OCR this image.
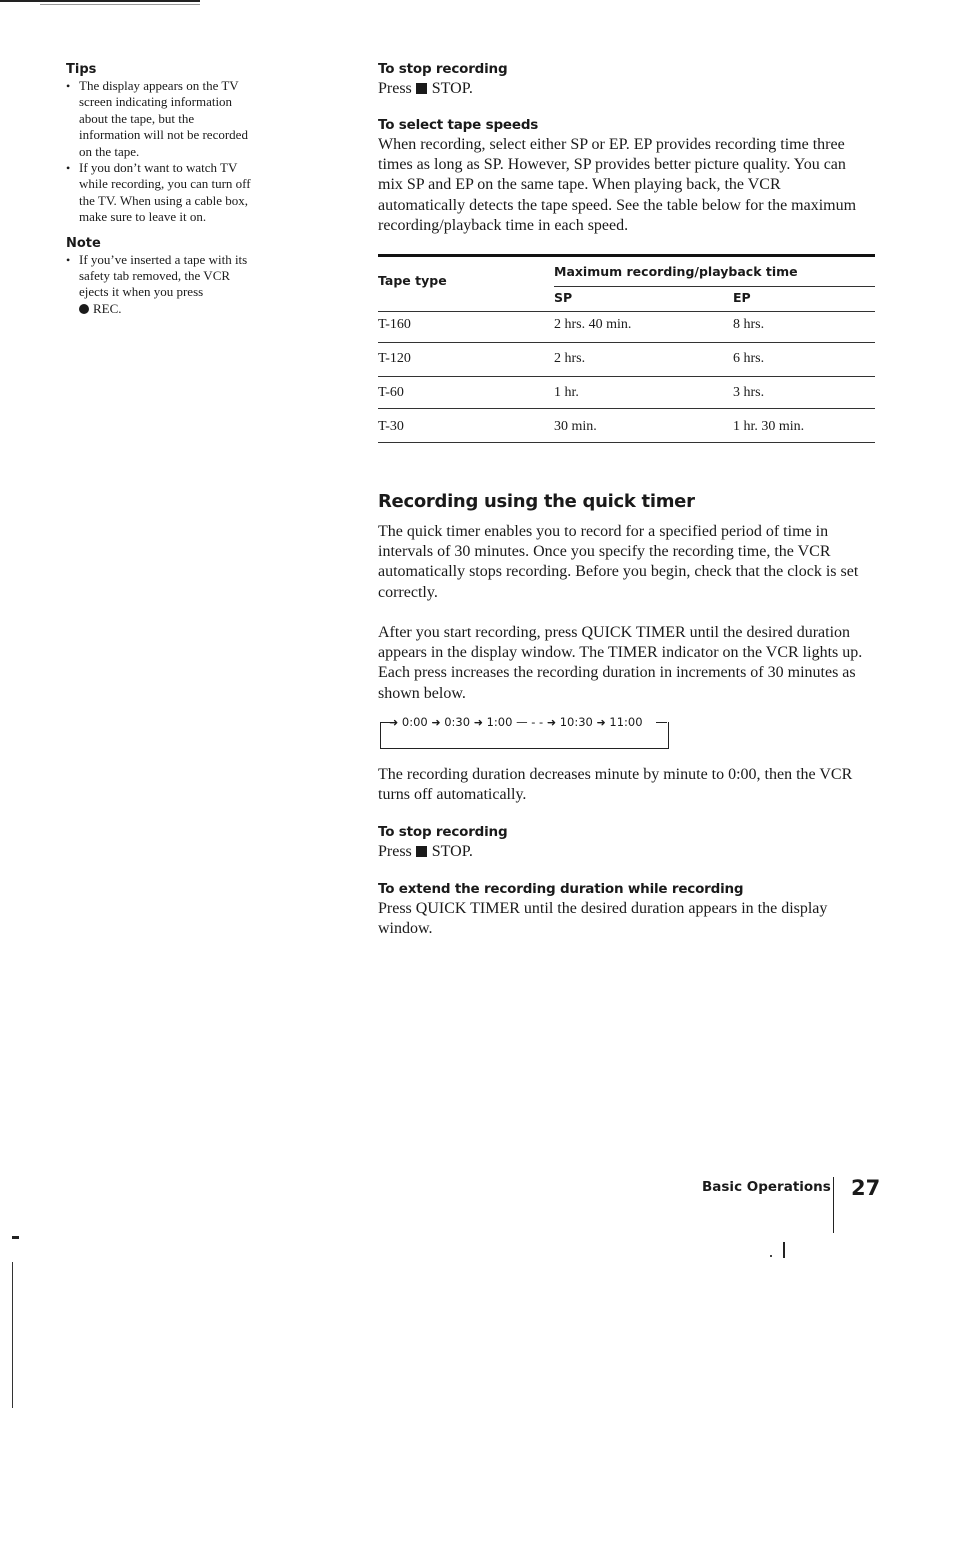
Tips
• The display appears on the TV screen indicating information about the tape, but the information will not be recorded on the tape.
• If you don’t want to watch TV while recording, you can turn off the TV. When using a cable box, make sure to leave it on.
Note
• If you’ve inserted a tape with its safety tab removed, the VCR ejects it when you press
REC.
To stop recording
Press STOP.
To select tape speeds
When recording, select either SP or EP. EP provides recording time three times as long as SP. However, SP provides better picture quality. You can mix SP and EP on the same tape. When playing back, the VCR automatically detects the tape speed. See the table below for the maximum recording/playback time in each speed.
Tape type
Maximum recording/playback time
SP	EP
T-160	2 hrs. 40 min.	8 hrs.
T-120	2 hrs.	6 hrs.
T-60	1 hr.	3 hrs.
T-30	30 min.	1 hr. 30 min.
Recording using the quick timer
The quick timer enables you to record for a specified period of time in intervals of 30 minutes. Once you specify the recording time, the VCR automatically stops recording. Before you begin, check that the clock is set correctly.
After you start recording, press QUICK TIMER until the desired duration appears in the display window. The TIMER indicator on the VCR lights up. Each press increases the recording duration in increments of 30 minutes as shown below.
➜ 0:00 ➜ 0:30 ➜ 1:00 — - - ➜ 10:30 ➜ 11:00
The recording duration decreases minute by minute to 0:00, then the VCR turns off automatically.
To stop recording
Press STOP.
To extend the recording duration while recording
Press QUICK TIMER until the desired duration appears in the display window.
Basic Operations 27
